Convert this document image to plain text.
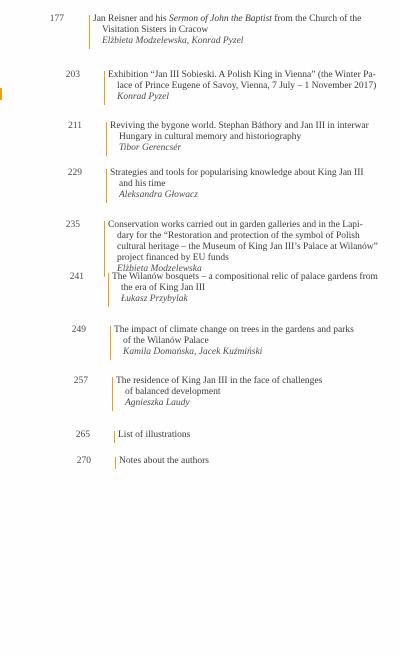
177	Jan Reisner and his Sermon of John the Baptist from the Church of the
Visitation Sisters in Cracow
Elżbieta Modzelewska, Konrad Pyzel
203	Exhibition “Jan III Sobieski. A Polish King in Vienna” (the Winter Pa-
lace of Prince Eugene of Savoy, Vienna, 7 July – 1 November 2017)
Konrad Pyzel
211	Reviving the bygone world. Stephan Báthory and Jan III in interwar
Hungary in cultural memory and historiography
Tibor Gerencsér
229	Strategies and tools for popularising knowledge about King Jan III
and his time
Aleksandra Głowacz
235	Conservation works carried out in garden galleries and in the Lapi-
dary for the “Restoration and protection of the symbol of Polish
cultural heritage – the Museum of King Jan III’s Palace at Wilanów”
project financed by EU funds
Elżbieta Modzelewska
241	The Wilanów bosquets – a compositional relic of palace gardens from
the era of King Jan III
Łukasz Przybylak
249	The impact of climate change on trees in the gardens and parks
of the Wilanów Palace
Kamila Domańska, Jacek Kuźmiński
257	The residence of King Jan III in the face of challenges
of balanced development
Agnieszka Laudy
265	List of illustrations
270	Notes about the authors
